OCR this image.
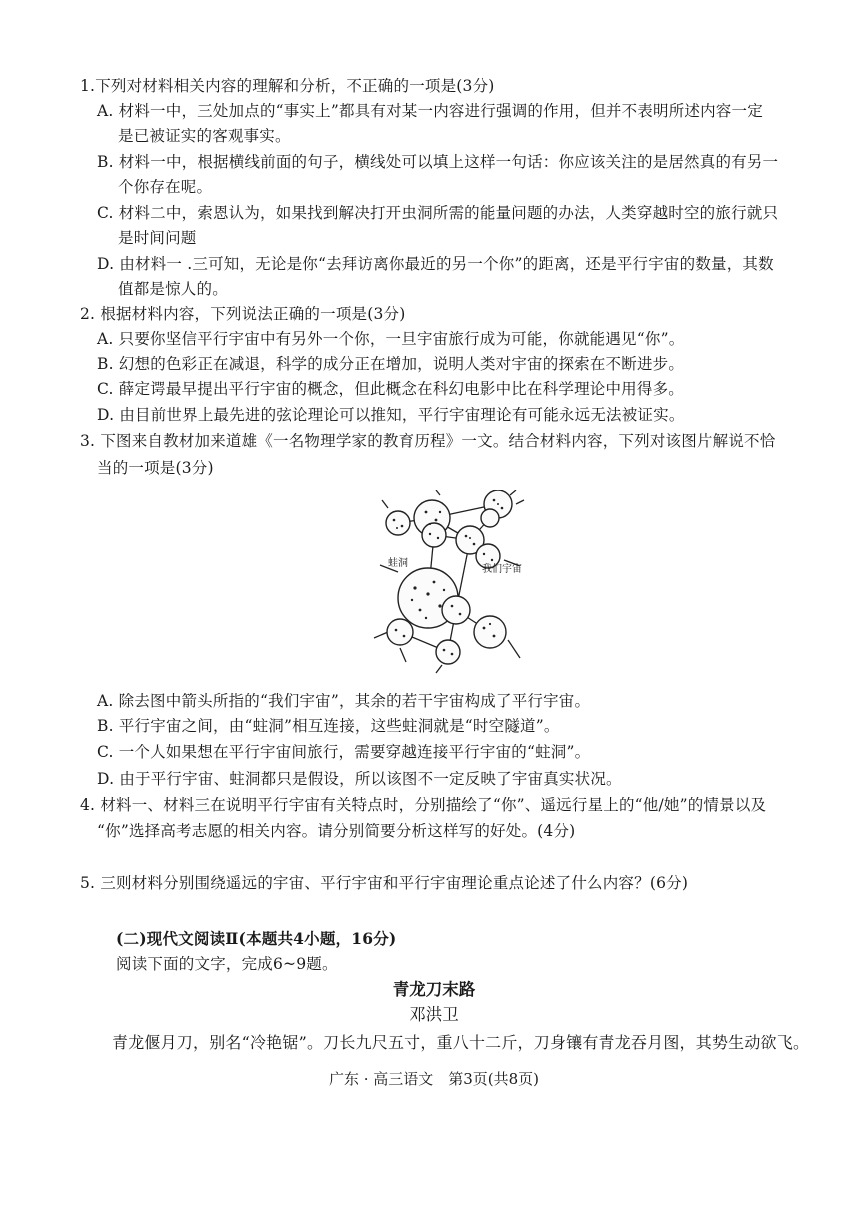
1.下列对材料相关内容的理解和分析，不正确的一项是(3分)
A. 材料一中，三处加点的“事实上”都具有对某一内容进行强调的作用，但并不表明所述内容一定
是已被证实的客观事实。
B. 材料一中，根据横线前面的句子，横线处可以填上这样一句话：你应该关注的是居然真的有另一
个你存在呢。
C. 材料二中，索恩认为，如果找到解决打开虫洞所需的能量问题的办法，人类穿越时空的旅行就只
是时间问题
D. 由材料一 .三可知，无论是你“去拜访离你最近的另一个你”的距离，还是平行宇宙的数量，其数
值都是惊人的。
2. 根据材料内容，下列说法正确的一项是(3分)
A. 只要你坚信平行宇宙中有另外一个你，一旦宇宙旅行成为可能，你就能遇见“你”。
B. 幻想的色彩正在减退，科学的成分正在增加，说明人类对宇宙的探索在不断进步。
C. 薛定谔最早提出平行宇宙的概念，但此概念在科幻电影中比在科学理论中用得多。
D. 由目前世界上最先进的弦论理论可以推知，平行宇宙理论有可能永远无法被证实。
3. 下图来自教材加来道雄《一名物理学家的教育历程》一文。结合材料内容，下列对该图片解说不恰
当的一项是(3分)
蛙洞
我们宇宙
A. 除去图中箭头所指的“我们宇宙”，其余的若干宇宙构成了平行宇宙。
B. 平行宇宙之间，由“蛀洞”相互连接，这些蛀洞就是“时空隧道”。
C. 一个人如果想在平行宇宙间旅行，需要穿越连接平行宇宙的“蛀洞”。
D. 由于平行宇宙、蛀洞都只是假设，所以该图不一定反映了宇宙真实状况。
4. 材料一、材料三在说明平行宇宙有关特点时，分别描绘了“你”、遥远行星上的“他/她”的情景以及
“你”选择高考志愿的相关内容。请分别简要分析这样写的好处。(4分)
5. 三则材料分别围绕遥远的宇宙、平行宇宙和平行宇宙理论重点论述了什么内容？(6分)
(二)现代文阅读Ⅱ(本题共4小题，16分)
阅读下面的文字，完成6~9题。
青龙刀末路
邓洪卫
青龙偃月刀，别名“冷艳锯”。刀长九尺五寸，重八十二斤，刀身镶有青龙吞月图，其势生动欲飞。
广东 · 高三语文　第3页(共8页)
